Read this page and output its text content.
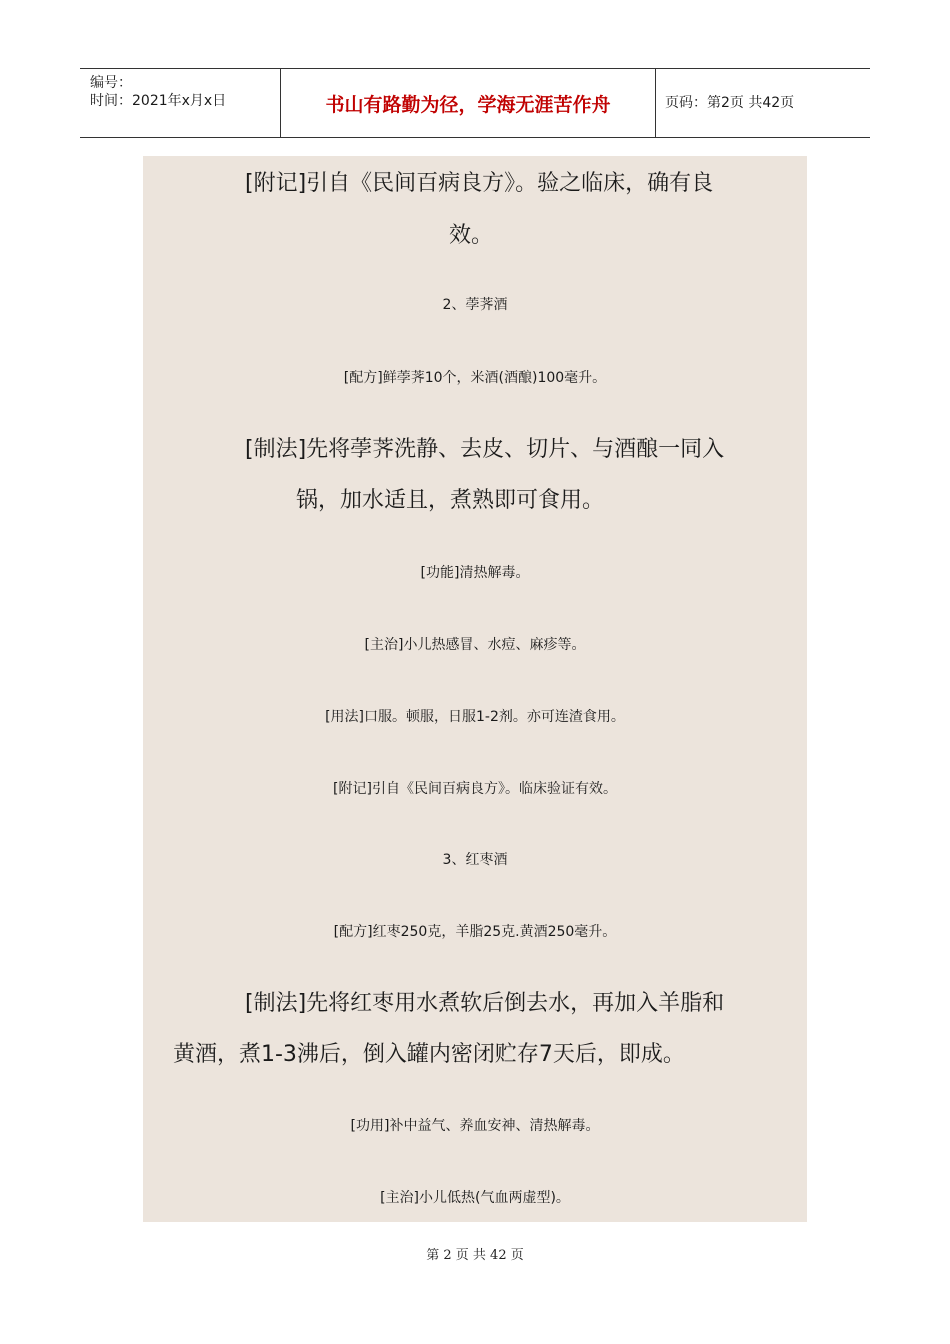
编号：
时间：2021年x月x日	书山有路勤为径，学海无涯苦作舟	页码：第2页 共42页
[附记]引自《民间百病良方》。验之临床，确有良
效。
2、荸荠酒
[配方]鲜荸荠10个，米酒(酒酿)100毫升。
[制法]先将荸荠洗静、去皮、切片、与酒酿一同入
锅，加水适且，煮熟即可食用。
[功能]清热解毒。
[主治]小儿热感冒、水痘、麻疹等。
[用法]口服。顿服，日服1-2剂。亦可连渣食用。
[附记]引自《民间百病良方》。临床验证有效。
3、红枣酒
[配方]红枣250克，羊脂25克.黄酒250毫升。
[制法]先将红枣用水煮软后倒去水，再加入羊脂和
黄酒，煮1-3沸后，倒入罐内密闭贮存7天后，即成。
[功用]补中益气、养血安神、清热解毒。
[主治]小儿低热(气血两虚型)。
第 2 页 共 42 页
